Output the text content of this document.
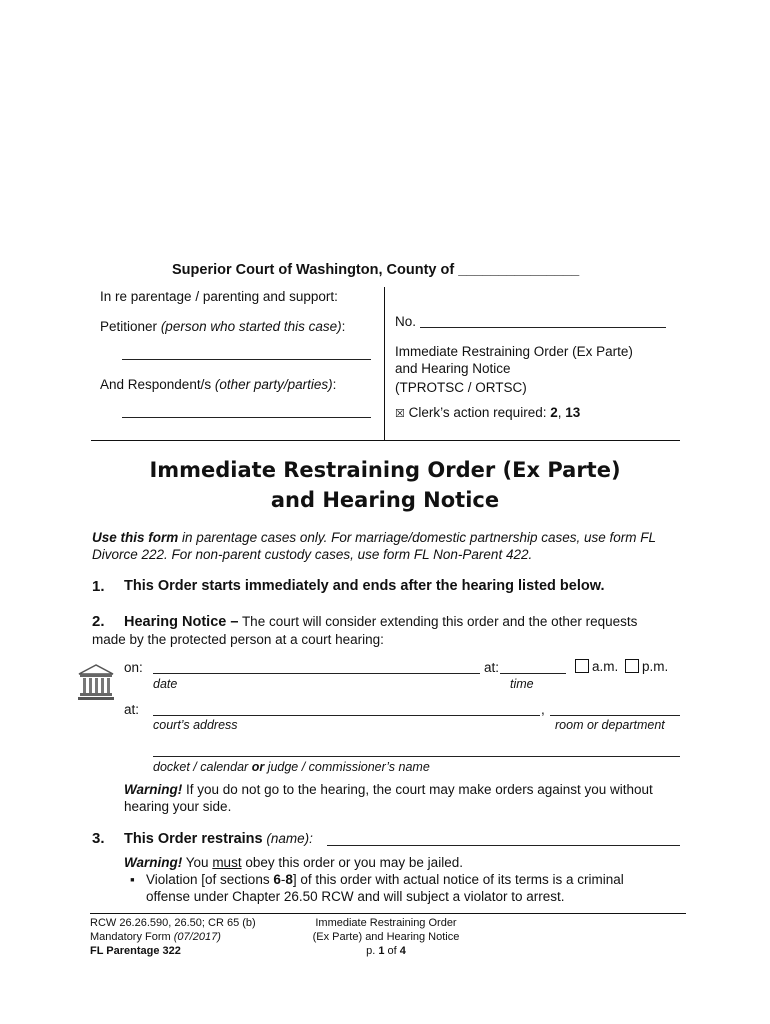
Superior Court of Washington, County of _______________
In re parentage / parenting and support:
Petitioner (person who started this case):
And Respondent/s (other party/parties):
No.
Immediate Restraining Order (Ex Parte)
and Hearing Notice
(TPROTSC / ORTSC)
☒ Clerk’s action required: 2, 13
Immediate Restraining Order (Ex Parte)
and Hearing Notice
Use this form in parentage cases only. For marriage/domestic partnership cases, use form FL
Divorce 222. For non-parent custody cases, use form FL Non-Parent 422.
1. This Order starts immediately and ends after the hearing listed below.
2. Hearing Notice – The court will consider extending this order and the other requests
made by the protected person at a court hearing:
on:	at:	a.m. p.m.
date	time
at:	,
court’s address	room or department
docket / calendar or judge / commissioner’s name
Warning! If you do not go to the hearing, the court may make orders against you without
hearing your side.
3. This Order restrains (name):
Warning! You must obey this order or you may be jailed.
▪ Violation [of sections 6-8] of this order with actual notice of its terms is a criminal
offense under Chapter 26.50 RCW and will subject a violator to arrest.
RCW 26.26.590, 26.50; CR 65 (b)
Mandatory Form (07/2017)
FL Parentage 322
Immediate Restraining Order
(Ex Parte) and Hearing Notice
p. 1 of 4
